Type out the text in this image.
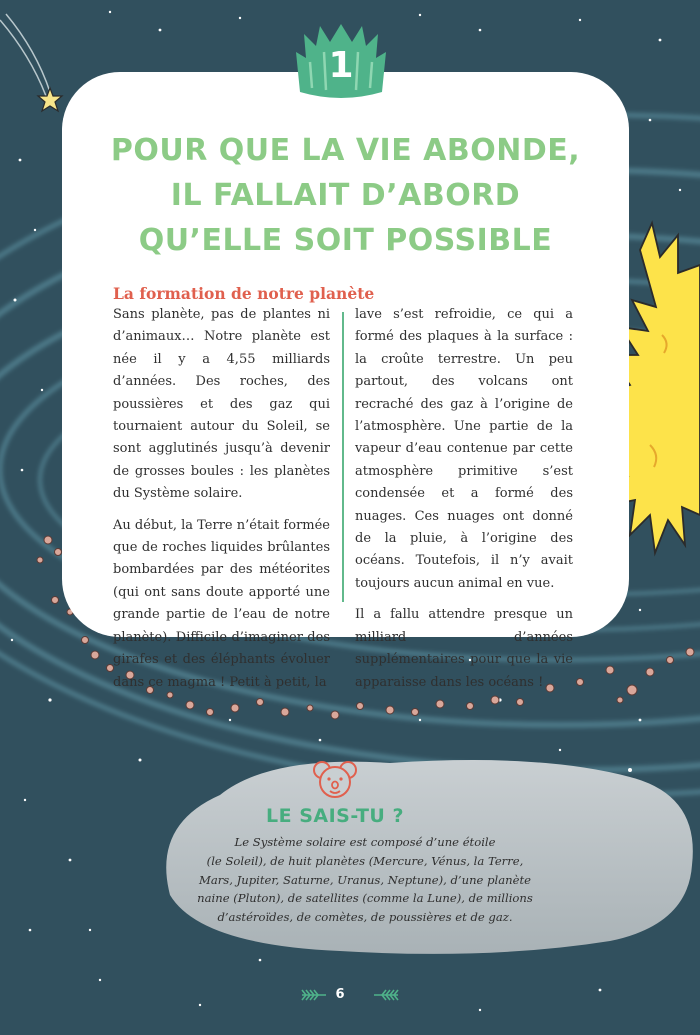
1
POUR QUE LA VIE ABONDE,
IL FALLAIT D’ABORD
QU’ELLE SOIT POSSIBLE
La formation de notre planète

Sans planète, pas de plantes ni d’animaux… Notre planète est née il y a 4,55 milliards d’années. Des roches, des poussières et des gaz qui tournaient autour du Soleil, se sont agglutinés jusqu’à devenir de grosses boules : les planètes du Système solaire.

Au début, la Terre n’était formée que de roches liquides brûlantes bombardées par des météorites (qui ont sans doute apporté une grande partie de l’eau de notre planète). Difficile d’imaginer des girafes et des éléphants évoluer dans ce magma ! Petit à petit, la

lave s’est refroidie, ce qui a formé des plaques à la surface : la croûte terrestre. Un peu partout, des volcans ont recraché des gaz à l’origine de l’atmosphère. Une partie de la vapeur d’eau contenue par cette atmosphère primitive s’est condensée et a formé des nuages. Ces nuages ont donné de la pluie, à l’origine des océans. Toutefois, il n’y avait toujours aucun animal en vue.

Il a fallu attendre presque un milliard d’années supplémentaires pour que la vie apparaisse dans les océans !

LE SAIS-TU ?
Le Système solaire est composé d’une étoile
(le Soleil), de huit planètes (Mercure, Vénus, la Terre,
Mars, Jupiter, Saturne, Uranus, Neptune), d’une planète
naine (Pluton), de satellites (comme la Lune), de millions
d’astéroïdes, de comètes, de poussières et de gaz.
6
